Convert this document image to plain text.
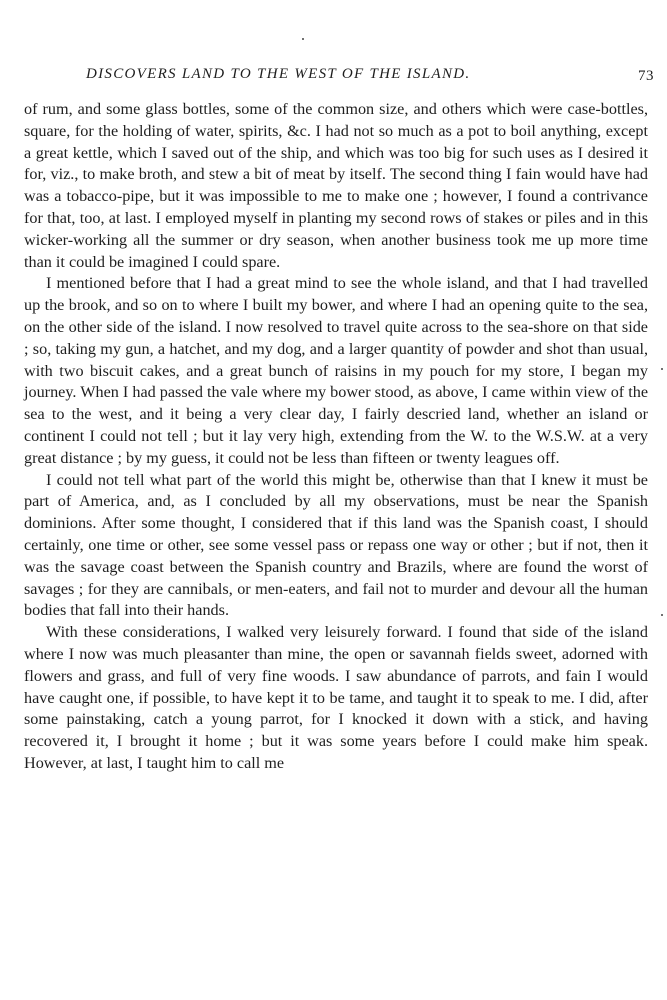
DISCOVERS LAND TO THE WEST OF THE ISLAND.	73

of rum, and some glass bottles, some of the common size, and others which were case-bottles, square, for the holding of water, spirits, &c. I had not so much as a pot to boil anything, except a great kettle, which I saved out of the ship, and which was too big for such uses as I desired it for, viz., to make broth, and stew a bit of meat by itself. The second thing I fain would have had was a tobacco-pipe, but it was impossible to me to make one ; however, I found a contrivance for that, too, at last. I employed myself in planting my second rows of stakes or piles and in this wicker-working all the summer or dry season, when another business took me up more time than it could be imagined I could spare.

I mentioned before that I had a great mind to see the whole island, and that I had travelled up the brook, and so on to where I built my bower, and where I had an opening quite to the sea, on the other side of the island. I now resolved to travel quite across to the sea-shore on that side ; so, taking my gun, a hatchet, and my dog, and a larger quantity of powder and shot than usual, with two biscuit cakes, and a great bunch of raisins in my pouch for my store, I began my journey. When I had passed the vale where my bower stood, as above, I came within view of the sea to the west, and it being a very clear day, I fairly descried land, whether an island or continent I could not tell ; but it lay very high, extending from the W. to the W.S.W. at a very great distance ; by my guess, it could not be less than fifteen or twenty leagues off.

I could not tell what part of the world this might be, otherwise than that I knew it must be part of America, and, as I concluded by all my observations, must be near the Spanish dominions. After some thought, I considered that if this land was the Spanish coast, I should certainly, one time or other, see some vessel pass or repass one way or other ; but if not, then it was the savage coast between the Spanish country and Brazils, where are found the worst of savages ; for they are cannibals, or men-eaters, and fail not to murder and devour all the human bodies that fall into their hands.

With these considerations, I walked very leisurely forward. I found that side of the island where I now was much pleasanter than mine, the open or savannah fields sweet, adorned with flowers and grass, and full of very fine woods. I saw abundance of parrots, and fain I would have caught one, if possible, to have kept it to be tame, and taught it to speak to me. I did, after some painstaking, catch a young parrot, for I knocked it down with a stick, and having recovered it, I brought it home ; but it was some years before I could make him speak. However, at last, I taught him to call me
